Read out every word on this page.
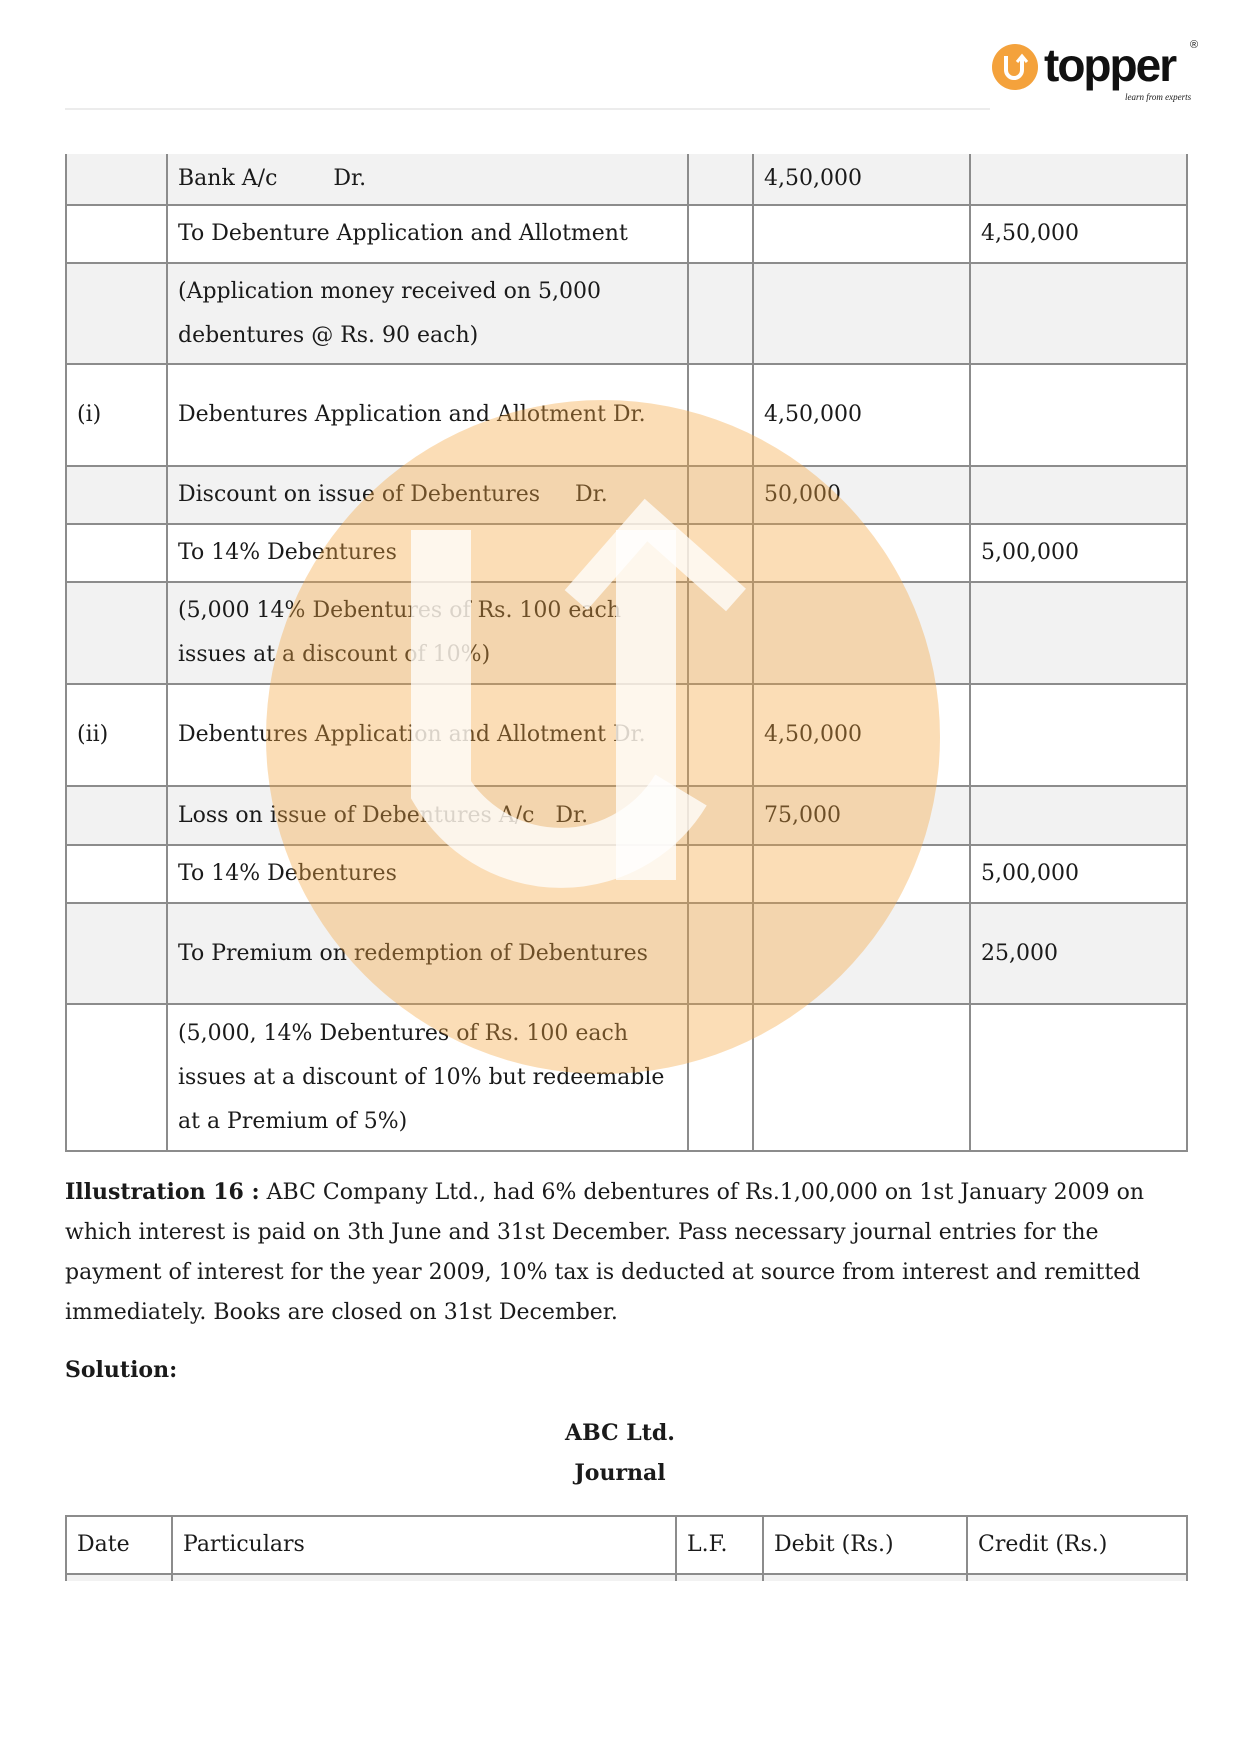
topper ®
learn from experts
	Bank A/c        Dr.		4,50,000	
	To Debenture Application and Allotment			4,50,000
	(Application money received on 5,000 debentures @ Rs. 90 each)			
(i)	Debentures Application and Allotment Dr.		4,50,000	
	Discount on issue of Debentures     Dr.		50,000	
	To 14% Debentures			5,00,000
	(5,000 14% Debentures of Rs. 100 each issues at a discount of 10%)			
(ii)	Debentures Application and Allotment Dr.		4,50,000	
	Loss on issue of Debentures A/c   Dr.		75,000	
	To 14% Debentures			5,00,000
	To Premium on redemption of Debentures			25,000
	(5,000, 14% Debentures of Rs. 100 each issues at a discount of 10% but redeemable at a Premium of 5%)			
Illustration 16 : ABC Company Ltd., had 6% debentures of Rs.1,00,000 on 1st January 2009 on which interest is paid on 3th June and 31st December. Pass necessary journal entries for the payment of interest for the year 2009, 10% tax is deducted at source from interest and remitted immediately. Books are closed on 31st December.
Solution:
ABC Ltd.
Journal
Date	Particulars	L.F.	Debit (Rs.)	Credit (Rs.)
